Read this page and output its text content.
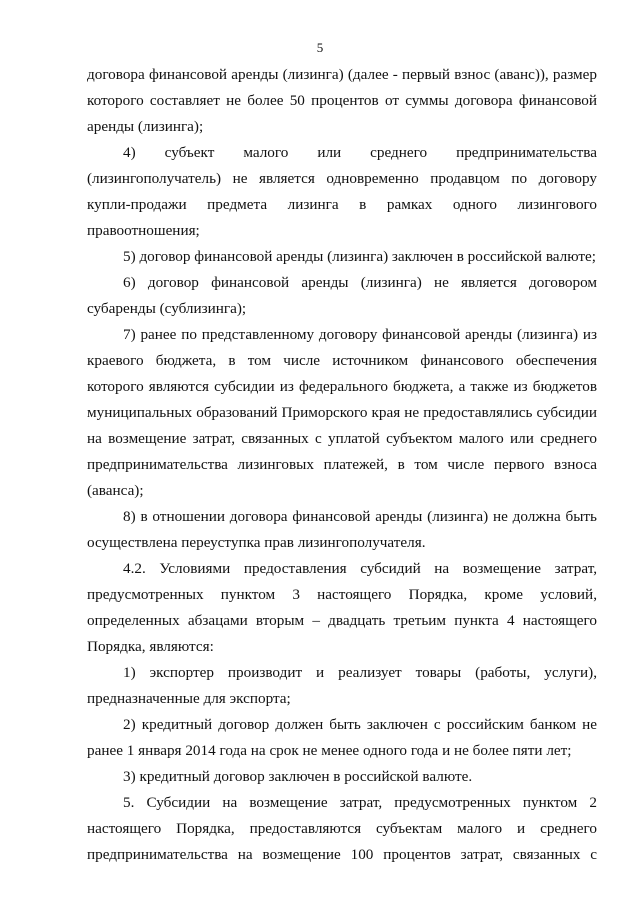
5

договора финансовой аренды (лизинга) (далее - первый взнос (аванс)), размер которого составляет не более 50 процентов от суммы договора финансовой аренды (лизинга);

4) субъект малого или среднего предпринимательства (лизингополучатель) не является одновременно продавцом по договору купли-продажи предмета лизинга в рамках одного лизингового правоотношения;

5) договор финансовой аренды (лизинга) заключен в российской валюте;

6) договор финансовой аренды (лизинга) не является договором субаренды (сублизинга);

7) ранее по представленному договору финансовой аренды (лизинга) из краевого бюджета, в том числе источником финансового обеспечения которого являются субсидии из федерального бюджета, а также из бюджетов муниципальных образований Приморского края не предоставлялись субсидии на возмещение затрат, связанных с уплатой субъектом малого или среднего предпринимательства лизинговых платежей, в том числе первого взноса (аванса);

8) в отношении договора финансовой аренды (лизинга) не должна быть осуществлена переуступка прав лизингополучателя.

4.2. Условиями предоставления субсидий на возмещение затрат, предусмотренных пунктом 3 настоящего Порядка, кроме условий, определенных абзацами вторым – двадцать третьим пункта 4 настоящего Порядка, являются:

1) экспортер производит и реализует товары (работы, услуги), предназначенные для экспорта;

2) кредитный договор должен быть заключен с российским банком не ранее 1 января 2014 года на срок не менее одного года и не более пяти лет;

3) кредитный договор заключен в российской валюте.

5. Субсидии на возмещение затрат, предусмотренных пунктом 2 настоящего Порядка, предоставляются субъектам малого и среднего предпринимательства на возмещение 100 процентов затрат, связанных с
